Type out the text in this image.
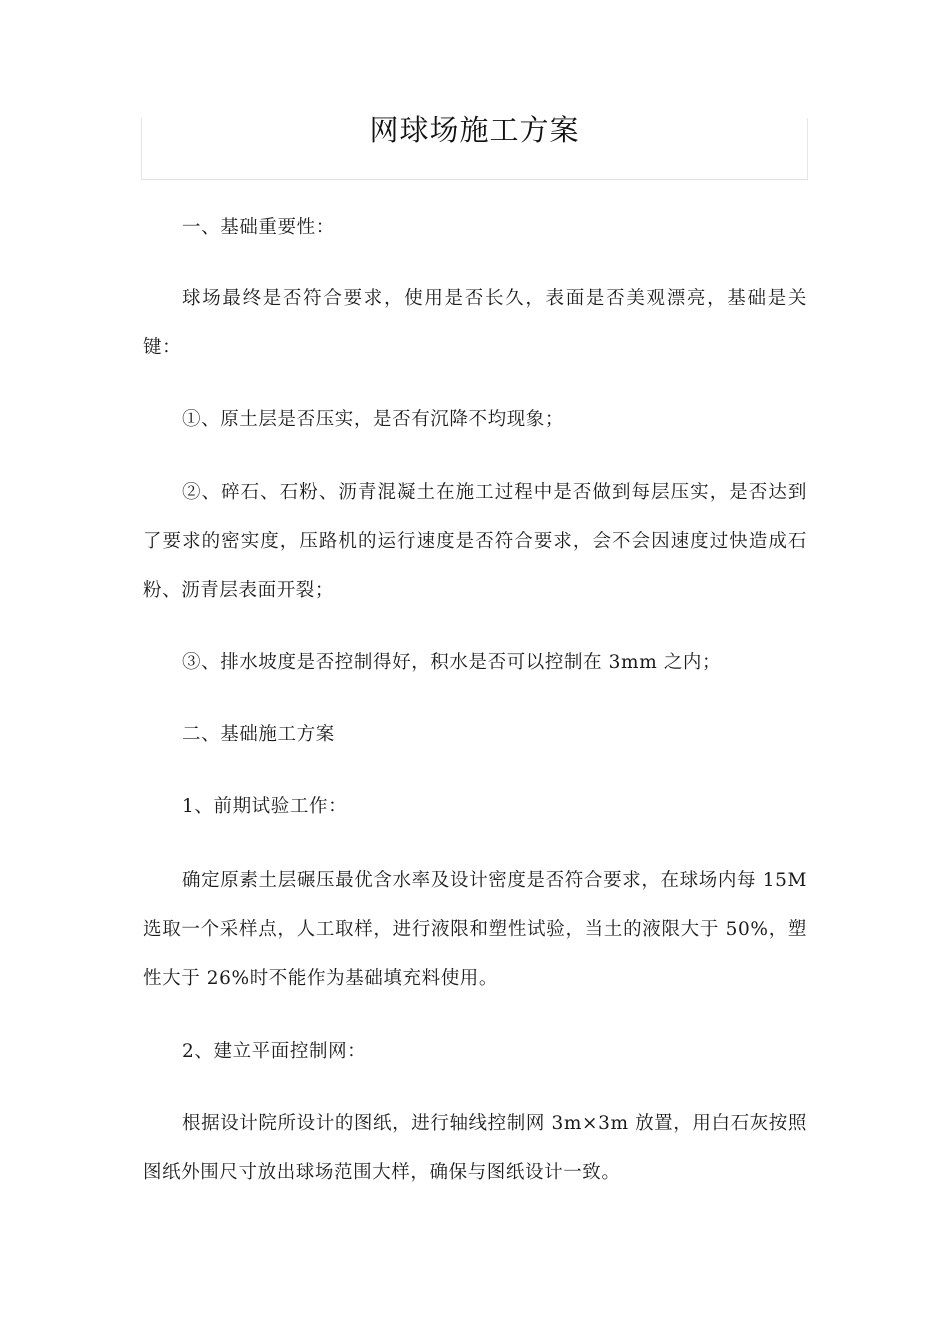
网球场施工方案

一、基础重要性：

球场最终是否符合要求，使用是否长久，表面是否美观漂亮，基础是关键：

①、原土层是否压实，是否有沉降不均现象；

②、碎石、石粉、沥青混凝土在施工过程中是否做到每层压实，是否达到了要求的密实度，压路机的运行速度是否符合要求，会不会因速度过快造成石粉、沥青层表面开裂；

③、排水坡度是否控制得好，积水是否可以控制在 3mm 之内；

二、基础施工方案

1、前期试验工作：

确定原素土层碾压最优含水率及设计密度是否符合要求，在球场内每 15M 选取一个采样点，人工取样，进行液限和塑性试验，当土的液限大于 50%，塑性大于 26%时不能作为基础填充料使用。

2、建立平面控制网：

根据设计院所设计的图纸，进行轴线控制网 3m×3m 放置，用白石灰按照图纸外围尺寸放出球场范围大样，确保与图纸设计一致。
